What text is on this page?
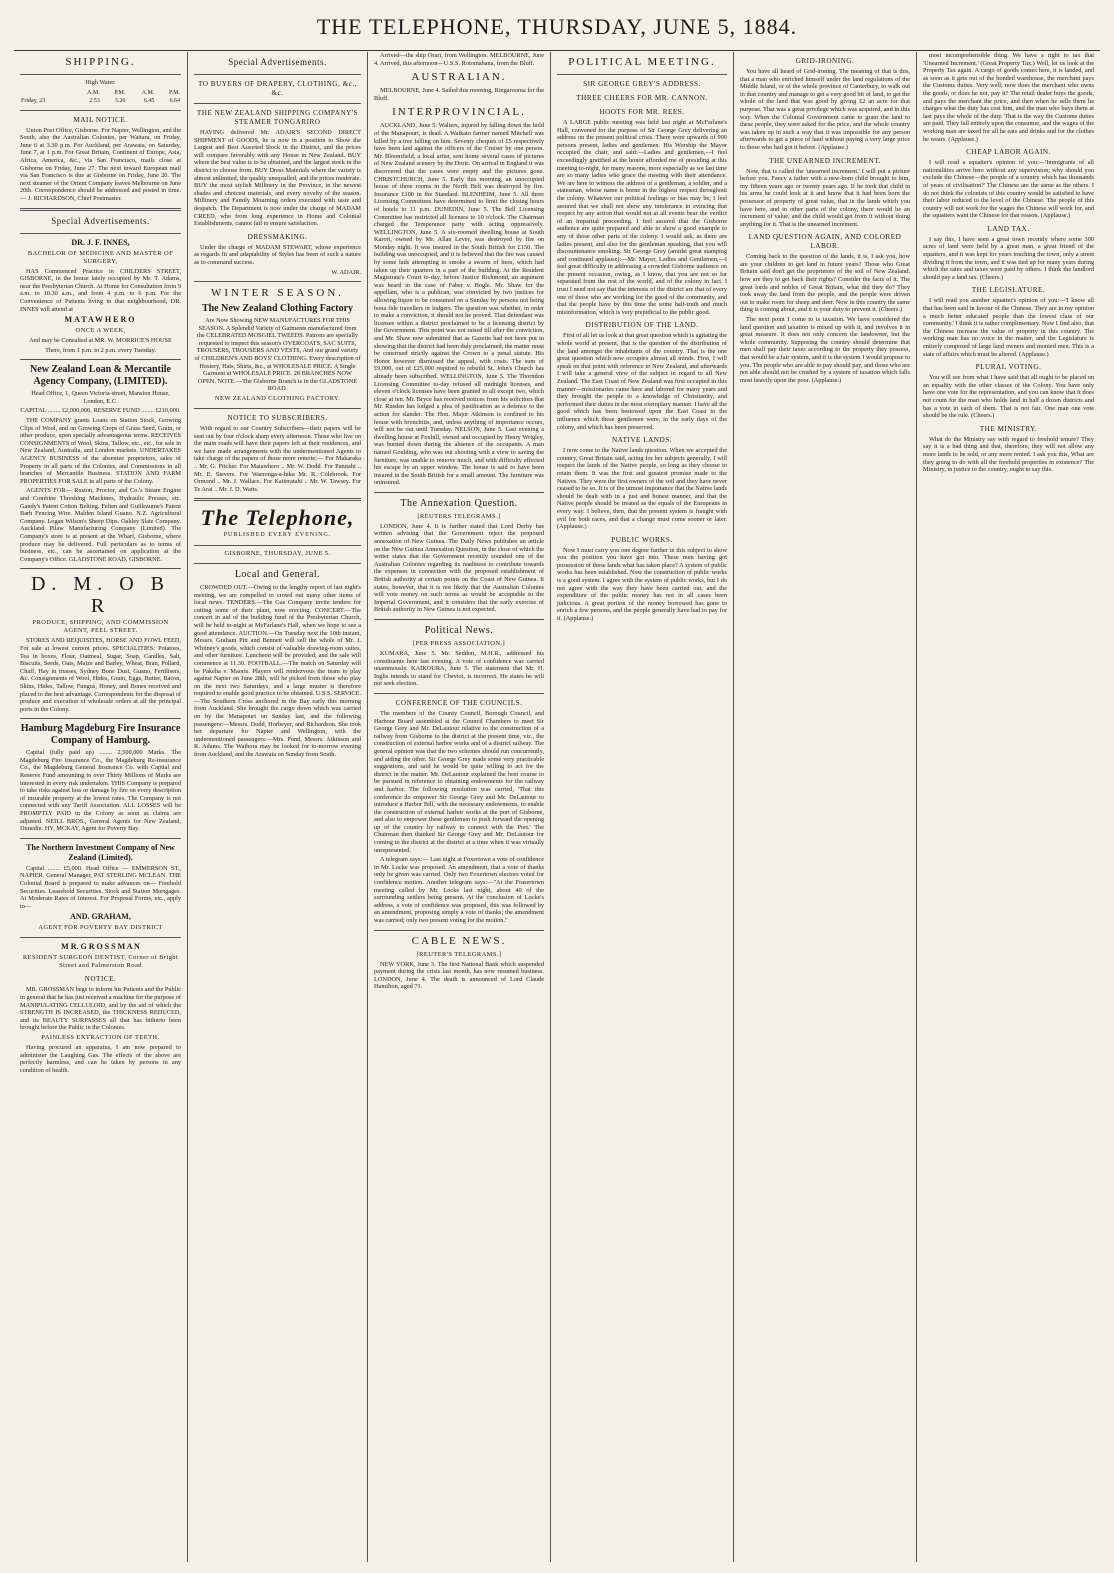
THE TELEPHONE, THURSDAY, JUNE 5, 1884.
SHIPPING.

High Water.

	A.M.	P.M.	A.M.	P.M.
Friday, 23	2.53	3.26	6.45	6.64
MAIL NOTICE.

Union Post Office, Gisborne. For Napier, Wellington, and the South, also the Australian Colonies, per Waitara, on Friday, June 6 at 3.30 p.m. For Auckland, per Arawata, on Saturday, June 7, at 1 p.m. For Great Britain, Continent of Europe, Asia, Africa, America, &c., via San Francisco, mails close at Gisborne on Friday, June 27. The next inward European mail via San Francisco is due at Gisborne on Friday, June 20. The next steamer of the Orient Company leaves Melbourne on June 20th. Correspondence should be addressed and posted in time. — J. RICHARDSON, Chief Postmaster.

Special Advertisements.
DR. J. F. INNES,
BACHELOR OF MEDICINE AND MASTER OF SURGERY,

HAS Commenced Practice in CHILDERS STREET, GISBORNE, in the house lately occupied by Mr. T. Adams, near the Presbyterian Church. At Home for Consultation from 9 a.m. to 10.30 a.m., and from 4 p.m. to 6 p.m. For the Convenience of Patients living in that neighbourhood, DR. INNES will attend at

MATAWHERO
ONCE A WEEK,

And may be Consulted at MR. W. MORRICE'S HOUSE

There, from 1 p.m. to 2 p.m. every Tuesday.

New Zealand Loan & Mercantile Agency Company, (LIMITED).

Head Office, 1, Queen Victoria-street, Mansion House, London, E.C.

CAPITAL ........ £2,000,000. RESERVE FUND ........ £210,000.

THE COMPANY grants Loans on Station Stock, Growing Clips of Wool, and on Growing Crops of Grass Seed, Grain, or other produce, upon specially advantageous terms. RECEIVES CONSIGNMENTS of Wool, Skins, Tallow, etc., etc., for sale in New Zealand, Australia, and London markets. UNDERTAKES AGENCY BUSINESS of the absentee proprietors, sales of Property in all parts of the Colonies, and Commissions in all branches of Mercantile Business. STATION AND FARM PROPERTIES FOR SALE in all parts of the Colony.

AGENTS FOR— Ruston, Proctor, and Co.'s Steam Engine and Combine Threshing Machines, Hydraulic Presses, etc. Gandy's Patent Cotton Belting. Felten and Guilleaume's Patent Barb Fencing Wire. Malden Island Guano. N.Z. Agricultural Company. Logan Wilson's Sheep Dips. Oakley Slate Company. Auckland Pilaw Manufacturing Company (Limited). The Company's store is at present at the Wharf, Gisborne, where produce may be delivered. Full particulars as to terms of business, etc., can be ascertained on application at the Company's Office. GLADSTONE ROAD, GISBORNE.

D. M. O B R
PRODUCE, SHIPPING, AND COMMISSION AGENT, PEEL STREET.

STORES AND REQUISITES, HORSE AND FOWL FEED, For sale at lowest current prices. SPECIALITIES: Potatoes, Tea in boxes, Flour, Oatmeal, Sugar, Soap, Candles, Salt, Biscuits, Seeds, Oats, Maize and Barley, Wheat, Bran, Pollard, Chaff, Hay in trusses, Sydney Bone Dust, Guano, Fertilisers, &c. Consignments of Wool, Hides, Grain, Eggs, Butter, Bacon, Skins, Hides, Tallow, Fungus, Honey, and Bones received and placed to the best advantage. Correspondents for the disposal of produce and execution of wholesale orders at all the principal ports in the Colony.

Hamburg Magdeburg Fire Insurance Company of Hamburg.

Capital (fully paid up) ........ 2,500,000 Marks. The Magdeburg Fire Insurance Co., the Magdeburg Re-insurance Co., the Magdeburg General Insurance Co. with Capital and Reserve Fund amounting to over Thirty Millions of Marks are interested in every risk undertaken. THIS Company is prepared to take risks against loss or damage by fire on every description of insurable property at the lowest rates. The Company is not connected with any Tariff Association. ALL LOSSES will be PROMPTLY PAID in the Colony as soon as claims are adjusted. NEILL BROS., General Agents for New Zealand, Dunedin. HY. MCKAY, Agent for Poverty Bay.

The Northern Investment Company of New Zealand (Limited).

Capital ........ £5,000. Head Office — EMMERSON ST., NAPIER. General Manager, PAT STERLING MCLEAN. THE Colonial Board is prepared to make advances on— Freehold Securities. Leasehold Securities. Stock and Station Mortgages. At Moderate Rates of Interest. For Proposal Forms, etc., apply to—

AND. GRAHAM,
AGENT FOR POVERTY BAY DISTRICT
M R. G R O S S M A N
RESIDENT SURGEON DENTIST, Corner of Bright Street and Palmerston Road
NOTICE.

MR. GROSSMAN begs to inform his Patients and the Public in general that he has just received a machine for the purpose of MANIPULATING CELLULOID, and by the aid of which the STRENGTH IS INCREASED, the THICKNESS REDUCED, and its BEAUTY SURPASSES all that has hitherto been brought before the Public in the Colonies.

PAINLESS EXTRACTION OF TEETH.

Having procured an apparatus, I am now prepared to administer the Laughing Gas. The effects of the above are perfectly harmless, and can be taken by persons in any condition of health.

Special Advertisements.
TO BUYERS OF DRAPERY, CLOTHING, &c., &c.
THE NEW ZEALAND SHIPPING COMPANY'S STEAMER TONGARIRO

HAVING delivered Mr. ADAIR'S SECOND DIRECT SHIPMENT of GOODS, he is now in a position to Show the Largest and Best Assorted Stock in the District, and the prices will compare favorably with any House in New Zealand. BUY where the best value is to be obtained, and the largest stock in the district to choose from. BUY Dress Materials where the variety is almost unlimited, the quality unequalled, and the prices moderate. BUY the most stylish Millinery in the Province, in the newest shades and choicest materials, and every novelty of the season. Millinery and Family Mourning orders executed with taste and despatch. The Department is now under the charge of MADAM CREED, who from long experience in Home and Colonial Establishments, cannot fail to ensure satisfaction.

DRESSMAKING.

Under the charge of MADAM STEWART, whose experience as regards fit and adaptability of Styles has been of such a nature as to command success.

W. ADAIR.

WINTER SEASON.
The New Zealand Clothing Factory

Are Now Showing NEW MANUFACTURES FOR THIS SEASON. A Splendid Variety of Garments manufactured from the CELEBRATED MOSGIEL TWEEDS. Patrons are specially requested to inspect this season's OVERCOATS, SAC SUITS, TROUSERS, TROUSERS AND VESTS, And our grand variety of CHILDREN'S AND BOYS' CLOTHING. Every description of Hosiery, Hats, Shirts, &c., at WHOLESALE PRICE. A Single Garment at WHOLESALE PRICE. 28 BRANCHES NOW OPEN. NOTE.—The Gisborne Branch is in the GLADSTONE ROAD.

NEW ZEALAND CLOTHING FACTORY.
NOTICE TO SUBSCRIBERS.

With regard to our Country Subscribers—their papers will be sent out by four o'clock sharp every afternoon. Those who live on the main roads will have their papers left at their residences, and we have made arrangements with the undermentioned Agents to take charge of the papers of those more remote:— For Makaraka .. Mr. G. Pitcher. For Matawhero .. Mr. W. Dodd. For Patutahi .. Mr. E. Sievers. For Waerenga-a-hika Mr. R. Colebrook. For Ormond .. Mr. J. Wallace. For Kaiteratahi .. Mr. W. Tawsey. For Te Arai .. Mr. J. D. Watts.

The Telephone,
PUBLISHED EVERY EVENING.
GISBORNE, THURSDAY, JUNE 5.
Local and General.

CROWDED OUT.—Owing to the lengthy report of last night's meeting, we are compelled to crowd out many other items of local news. TENDERS.—The Gas Company invite tenders for cutting some of their plant, now erecting. CONCERT.—The concert in aid of the building fund of the Presbyterian Church, will be held to-night at McFarlane's Hall, when we hope to see a good attendance. AUCTION.—On Tuesday next the 10th instant, Messrs. Graham Pitt and Bennett will sell the whole of Mr. J. Whitney's goods, which consist of valuable drawing-room suites, and other furniture. Luncheon will be provided, and the sale will commence at 11.30. FOOTBALL.—The match on Saturday will be Pakeha v. Maoris. Players will rendezvous the team to play against Napier on June 28th, will be picked from those who play on the next two Saturdays, and a large muster is therefore required to enable good practice to be obtained. U.S.S. SERVICE.—The Southern Cross anchored in the Bay early this morning from Auckland. She brought the cargo down which was carried on by the Manapouri on Sunday last, and the following passengers:—Messrs. Dodd, Horbeyer, and Richardson. She took her departure for Napier and Wellington, with the undermentioned passengers:—Mrs. Pond, Messrs. Atkinson and R. Adams. The Waihora may be looked for to-morrow evening from Auckland, and the Arawata on Sunday from South.

Arrived—the ship Orari, from Wellington. MELBOURNE, June 4. Arrived, this afternoon—U.S.S. Rotomahana, from the Bluff.

AUSTRALIAN.

MELBOURNE, June 4. Sailed this morning, Ringarooma for the Bluff.

INTERPROVINCIAL.

AUCKLAND, June 5. Walters, injured by falling down the hold of the Manapouri, is dead. A Waikato farmer named Mitchell was killed by a tree falling on him. Seventy cheques of £5 respectively have been laid against the officers of the Cruiser by one person. Mr. Bloomfield, a local artist, sent home several cases of pictures of New Zealand scenery by the Doric. On arrival in England it was discovered that the cases were empty and the pictures gone. CHRISTCHURCH, June 5. Early this morning, an unoccupied house of three rooms in the North Belt was destroyed by fire. Insurance £100 in the Standard. BLENHEIM, June 5. All three Licensing Committees have determined to limit the closing hours of hotels to 11 p.m. DUNEDIN, June 5. The Bell Licensing Committee has restricted all licenses to 10 o'clock. The Chairman charged the Temperance party with acting oppressively. WELLINGTON, June 5. A six-roomed dwelling house at South Karori, owned by Mr. Allan Lever, was destroyed by fire on Monday night. It was insured in the South British for £150. The building was unoccupied, and it is believed that the fire was caused by some lads attempting to smoke a swarm of bees, which had taken up their quarters in a part of the building. At the Resident Magistrate's Court to-day, before Justice Richmond, an argument was heard in the case of Faber v. Bogle. Mr. Shaw for the appellant, who is a publican, was convicted by two justices for allowing liquor to be consumed on a Sunday by persons not being bona fide travellers or lodgers. The question was whether, in order to make a conviction, it should not be proved. That defendant was licensee within a district proclaimed to be a licensing district by the Government. This point was not raised till after the conviction, and Mr. Shaw now submitted that as Gazette had not been put in showing that the district had been duly proclaimed, the matter must be construed strictly against the Crown to a penal statute. His Honor however dismissed the appeal, with costs. The sum of £9,000, out of £25,000 required to rebuild St. John's Church has already been subscribed. WELLINGTON, June 5. The Thorndon Licensing Committee to-day refused all midnight licenses, and eleven o'clock licenses have been granted to all except two, which close at ten. Mr. Bryce has received notices from his solicitors that Mr. Rusden has lodged a plea of justification as a defence to the action for slander. The Hon. Major Atkinson is confined to his house with bronchitis, and, unless anything of importance occurs, will not be out until Tuesday. NELSON, June 5. Last evening a dwelling house at Foxhill, owned and occupied by Henry Wrigley, was burned down during the absence of the occupants. A man named Goulding, who was out shooting with a view to saving the furniture, was unable to remove much, and with difficulty effected his escape by an upper window. The house is said to have been insured in the South British for a small amount. The furniture was uninsured.

The Annexation Question.
[REUTERS TELEGRAMS.]

LONDON, June 4. It is further stated that Lord Derby has written advising that the Government reject the proposed annexation of New Guinea. The Daily News publishes an article on the New Guinea Annexation Question, in the close of which the writer states that the Government recently sounded one of the Australian Colonies regarding its readiness to contribute towards the expenses in connection with the proposed establishment of British authority at certain points on the Coast of New Guinea. It states, however, that it is not likely that the Australian Colonies will vote money on such terms as would be acceptable to the Imperial Government, and it considers that the early exercise of British authority in New Guinea is not expected.

Political News.
[PER PRESS ASSOCIATION.]

KUMARA, June 5. Mr. Seddon, M.H.R., addressed his constituents here last evening. A vote of confidence was carried unanimously. KAIKOURA, June 5. The statement that Mr. H. Inglis intends to stand for Cheviot, is incorrect. He states he will not seek election.

CONFERENCE OF THE COUNCILS.

The members of the County Council, Borough Council, and Harbour Board assembled at the Council Chambers to meet Sir George Grey and Mr. DeLautour relative to the construction of a railway from Gisborne to the district at the present time, viz., the construction of external harbor works and of a district railway. The general opinion was that the two schemes should run concurrently, and aiding the other. Sir George Grey made some very practicable suggestions, and said he would be quite willing to act for the district in the matter. Mr. DeLautour explained the best course to be pursued in reference to obtaining endowments for the railway and harbor. The following resolution was carried, 'That this conference do empower Sir George Grey and Mr. DeLautour to introduce a Harbor Bill, with the necessary endowments, to enable the construction of external harbor works at the port of Gisborne, and also to empower these gentlemen to push forward the opening up of the country by railway to connect with the Port.' The Chairman then thanked Sir George Grey and Mr. DeLautour for coming to the district at the district at a time when it was virtually unrepresented.

A telegram says:— Last night at Foxertown a vote of confidence in Mr. Locke was proposed. An amendment, that a vote of thanks only be given was carried. Only two Foxertown electors voted for confidence motion. Another telegram says:—"At the Frasertown meeting called by Mr. Locke last night, about 40 of the surrounding settlers being present. At the conclusion of Locke's address, a vote of confidence was proposed, this was followed by an amendment, proposing simply a vote of thanks; the amendment was carried; only two present voting for the motion."

CABLE NEWS.
[REUTER'S TELEGRAMS.]

NEW YORK, June 3. The first National Bank which suspended payment during the crisis last month, has now resumed business. LONDON, June 4. The death is announced of Lord Claude Hamilton, aged 71.

POLITICAL MEETING.
SIR GEORGE GREY'S ADDRESS.
THREE CHEERS FOR MR. CANNON.
HOOTS FOR MR. REES.

A LARGE public meeting was held last night at McFarlane's Hall, convened for the purpose of Sir George Grey delivering an address on the present political crisis. There were upwards of 900 persons present, ladies and gentlemen. His Worship the Mayor occupied the chair, and said:—Ladies and gentlemen,—I feel exceedingly gratified at the honor afforded me of presiding at this meeting to-night, for many reasons, more especially as we last time are so many ladies who grace the meeting with their attendance. We are here to witness the address of a gentleman, a soldier, and a statesman, whose name is borne in the highest respect throughout the colony. Whatever our political feelings or bias may be, I feel assured that we shall not show any intolerance in evincing that respect by any action that would not at all events bear the verdict of an impartial proceeding. I feel assured that the Gisborne audience are quite prepared and able to show a good example to any of those other parts of the colony. I would ask, as there are ladies present, and also for the gentleman speaking, that you will discountenance smoking. Sir George Grey (amidst great stamping and continued applause):—Mr. Mayor, Ladies and Gentlemen,—I feel great difficulty in addressing a crowded Gisborne audience on the present occasion, owing, as I know, that you are not so far separated from the rest of the world, and of the colony in fact. I trust I need not say that the interests of the district are that of every one of those who are working for the good of the community, and that the people have by this time the some half-truth and much misinformation, which is very prejudicial to the public good.

DISTRIBUTION OF THE LAND.

First of all let us look at that great question which is agitating the whole world at present, that is the question of the distribution of the land amongst the inhabitants of the country. That is the one great question which now occupies almost all minds. First, I will speak on that point with reference to New Zealand, and afterwards I will take a general view of the subject in regard to all New Zealand. The East Coast of New Zealand was first occupied in this manner—missionaries came here and labored for many years and they brought the people to a knowledge of Christianity, and performed their duties in the most exemplary manner. I have all the good which has been bestowed upon the East Coast to the influence which these gentlemen were, in the early days of the colony, and which has been preserved.

NATIVE LANDS.

I now come to the Native lands question. When we accepted the country, Great Britain said, acting for her subjects generally, I will respect the lands of the Native people, so long as they choose to retain them. It was the first and greatest promise made to the Natives. They were the first owners of the soil and they have never ceased to be so. It is of the utmost importance that the Native lands should be dealt with in a just and honest manner, and that the Native people should be treated as the equals of the Europeans in every way. I believe, then, that the present system is fraught with evil for both races, and that a change must come sooner or later. (Applause.)

PUBLIC WORKS.

Now I must carry you one degree further in this subject to show you the position you have got into. These men having got possession of these lands what has taken place? A system of public works has been established. Now the construction of public works is a good system. I agree with the system of public works, but I do not agree with the way they have been carried out, and the expenditure of the public money has not in all cases been judicious. A great portion of the money borrowed has gone to enrich a few persons, and the people generally have had to pay for it. (Applause.)

GRID-IRONING.

You have all heard of Grid-ironing. The meaning of that is this, that a man who enriched himself under the land regulations of the Middle Island, or of the whole province of Canterbury, to walk out in that country and manage to get a very good bit of land, to get the whole of the land that was good by giving £2 an acre for that purpose. That was a great privilege which was acquired, and in this way. When the Colonial Government came to grant the land to these people, they were asked for the price, and the whole country was taken up in such a way that it was impossible for any person afterwards to get a piece of land without paying a very large price to those who had got it before. (Applause.)

THE UNEARNED INCREMENT.

Now, that is called the 'unearned increment.' I will put a picture before you. Fancy a father with a new-born child brought to him, my fifteen years ago or twenty years ago. If he took that child in his arms he could look at it and know that it had been born the possessor of property of great value, that in the lands which you have here, and in other parts of the colony, there would be an increment of value, and the child would get from it without doing anything for it. That is the unearned increment.

LAND QUESTION AGAIN, AND COLORED LABOR.

Coming back to the question of the lands, it is, I ask you, how are your children to get land in future years? Those who Great Britain said don't get the proprietors of the soil of New Zealand; how are they to get back their rights? Consider the facts of it. The great lords and nobles of Great Britain, what did they do? They took away the land from the people, and the people were driven out to make room for sheep and deer. Now in this country the same thing is coming about, and it is your duty to prevent it. (Cheers.)

The next point I come to is taxation. We have considered the land question and taxation is mixed up with it, and involves it in great measure. It does not only concern the landowner, but the whole community. Supposing the country should determine that men shall pay their taxes according to the property they possess, that would be a fair system, and it is the system I would propose to you. The people who are able to pay should pay, and those who are not able should not be crushed by a system of taxation which falls most heavily upon the poor. (Applause.)

most incomprehensible thing. We have a right to tax that 'Unearned Increment.' (Great Property Tax.) Well, let us look at the Property Tax again. A cargo of goods comes here, it is landed, and as soon as it gets out of the bonded warehouse, the merchant pays the Customs duties. Very well; now does the merchant who owns the goods, or does he not, pay it? The retail dealer buys the goods, and pays the merchant the price, and then when he sells them he charges what the duty has cost him, and the man who buys them at last pays the whole of the duty. That is the way the Customs duties are paid. They fall entirely upon the consumer, and the wages of the working man are taxed for all he eats and drinks and for the clothes he wears. (Applause.)

CHEAP LABOR AGAIN.

I will read a squatter's opinion of you:—'Immigrants of all nationalities arrive here without any supervision; why should you exclude the Chinese—the people of a country which has thousands of years of civilisation?' The Chinese are the same as the others. I do not think the colonists of this country would be satisfied to have their labor reduced to the level of the Chinese. The people of this country will not work for the wages the Chinese will work for, and the squatters want the Chinese for that reason. (Applause.)

LAND TAX.

I say this, I have seen a great town recently where some 300 acres of land were held by a great man, a great friend of the squatters, and it was kept for years touching the town, only a street dividing it from the town, and it was tied up for many years during which the rates and taxes were paid by others. I think the landlord should pay a land tax. (Cheers.)

THE LEGISLATURE.

I will read you another squatter's opinion of you:—'I know all that has been said in favour of the Chinese. They are in my opinion a much better educated people than the lowest class of our community.' I think it is rather complimentary. Now I find also, that the Chinese increase the value of property in this country. The working man has no voice in the matter, and the Legislature is entirely composed of large land owners and monied men. This is a state of affairs which must be altered. (Applause.)

PLURAL VOTING.

You will see from what I have said that all ought to be placed on an equality with the other classes of the Colony. You have only have one vote for the representation, and you can know that it does not count for the man who holds land in half a dozen districts and has a vote in each of them. That is not fair. One man one vote should be the rule. (Cheers.)

THE MINISTRY.

What do the Ministry say with regard to freehold tenure? They say it is a bad thing and that, therefore, they will not allow any more lands to be sold, or any more rented. I ask you this, What are they going to do with all the freehold properties in existence? The Ministry, in justice to the country, ought to say this.
